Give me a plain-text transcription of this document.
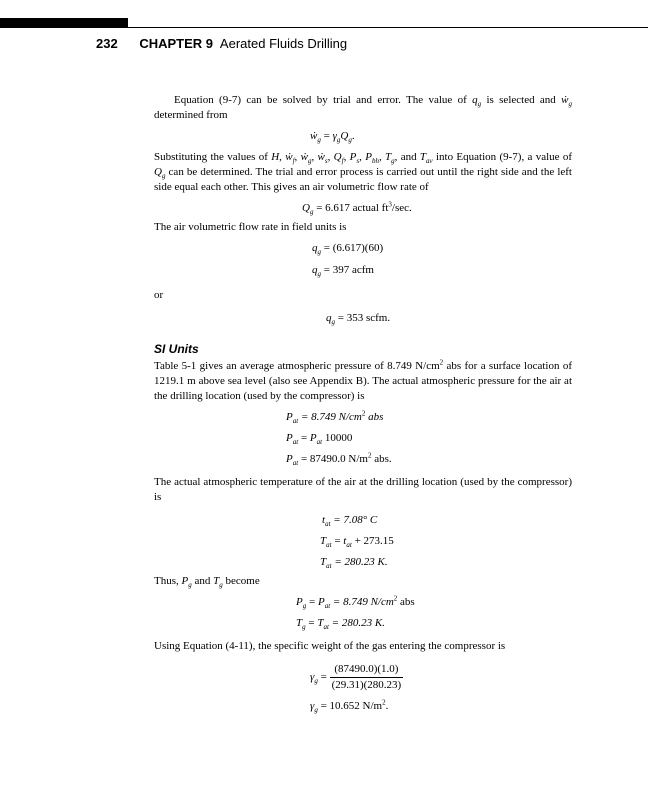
232 CHAPTER 9 Aerated Fluids Drilling

Equation (9-7) can be solved by trial and error. The value of $q_g$ is selected and ẇ$_g$ determined from

ẇ$_g$ = $\gamma_gQ_g$.

Substituting the values of H, ẇ$_f$, ẇ$_g$, ẇ$_s$, $Q_f$, $P_s$, $P_{bh}$, $T_g$, and $T_{av}$ into Equation (9-7), a value of $Q_g$ can be determined. The trial and error process is carried out until the right side and the left side equal each other. This gives an air volumetric flow rate of

$Q_g = 6.617$ actual $ft^3/\sec$.

The air volumetric flow rate in field units is

$q_g = (6.617)(60)$
$q_g = 397$ acfm
or
$q_g = 353$ scfm.
SI Units

Table 5-1 gives an average atmospheric pressure of 8.749 $N/cm^2$ abs for a surface location of 1219.1 m above sea level (also see Appendix B). The actual atmospheric pressure for the air at the drilling location (used by the compressor) is

$P_{at} = 8.749$ $N/cm^2$ abs
$P_{at} = P_{at}$ 10000
$P_{at} = 87490.0$ $N/m^2$ abs.

The actual atmospheric temperature of the air at the drilling location (used by the compressor) is

$t_{at} = 7.08^\circ$ C
$T_{at} = t_{at} + 273.15$
$T_{at} = 280.23$ K.

Thus, $P_g$ and $T_g$ become

$P_g = P_{at} = 8.749$ $N/cm^2$ abs
$T_g = T_{at} = 280.23$ K.

Using Equation (4-11), the specific weight of the gas entering the compressor is

$\gamma_g = \frac{(87490.0)(1.0)}{(29.31)(280.23)}$
$\gamma_g = 10.652$ $N/m^2$.
